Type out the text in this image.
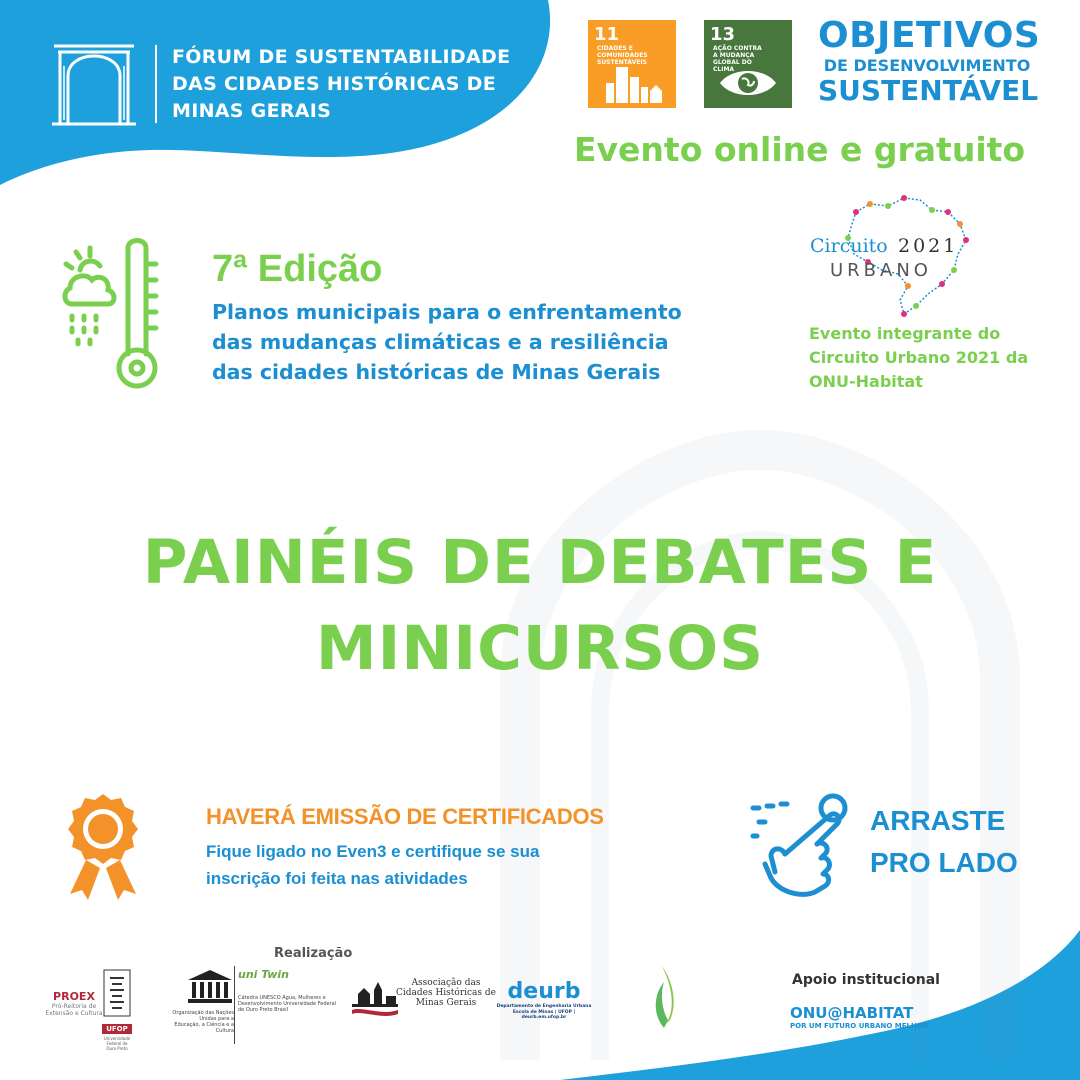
FÓRUM DE SUSTENTABILIDADE
DAS CIDADES HISTÓRICAS DE
MINAS GERAIS
11CIDADES E COMUNIDADES SUSTENTÁVEIS
13AÇÃO CONTRA A MUDANÇA GLOBAL DO CLIMA
OBJETIVOS
DE DESENVOLVIMENTO
SUSTENTÁVEL
Evento online e gratuito
7ª Edição
Planos municipais para o enfrentamento
das mudanças climáticas e a resiliência
das cidades históricas de Minas Gerais
Circuito 2021
URBANO
Evento integrante do
Circuito Urbano 2021 da
ONU-Habitat
PAINÉIS DE DEBATES E
MINICURSOS
HAVERÁ EMISSÃO DE CERTIFICADOS
Fique ligado no Even3 e certifique se sua
inscrição foi feita nas atividades
ARRASTE
PRO LADO
Realização
Apoio institucional
PROEX
Pró-Reitoria de Extensão e Cultura
UFOP
Universidade Federal de Ouro Preto
Organização das Nações Unidas para a Educação, a Ciência e a Cultura
uni Twin
Cátedra UNESCO Água, Mulheres e Desenvolvimento Universidade Federal de Ouro Preto Brasil
Associação das Cidades Históricas de Minas Gerais	deurb
Departamento de Engenharia Urbana Escola de Minas | UFOP | deurb.em.ufop.br	ONU@HABITAT
POR UM FUTURO URBANO MELHOR
